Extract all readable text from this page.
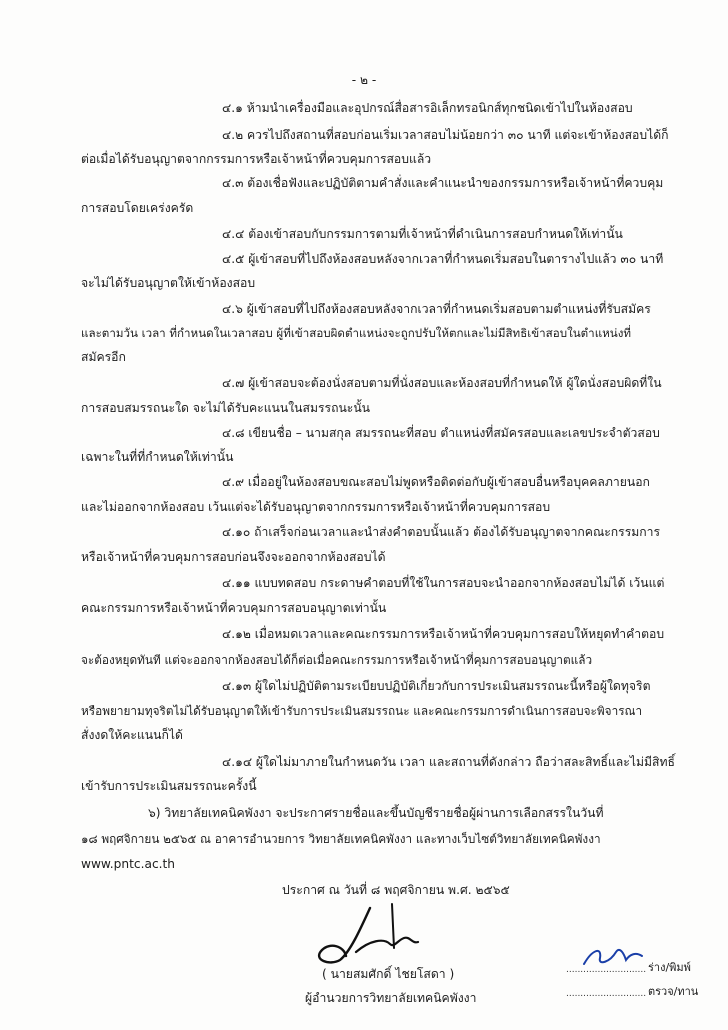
- ๒ -
๔.๑ ห้ามนำเครื่องมือและอุปกรณ์สื่อสารอิเล็กทรอนิกส์ทุกชนิดเข้าไปในห้องสอบ
๔.๒ ควรไปถึงสถานที่สอบก่อนเริ่มเวลาสอบไม่น้อยกว่า ๓๐ นาที แต่จะเข้าห้องสอบได้ก็
ต่อเมื่อได้รับอนุญาตจากกรรมการหรือเจ้าหน้าที่ควบคุมการสอบแล้ว
๔.๓ ต้องเชื่อฟังและปฏิบัติตามคำสั่งและคำแนะนำของกรรมการหรือเจ้าหน้าที่ควบคุม
การสอบโดยเคร่งครัด
๔.๔ ต้องเข้าสอบกับกรรมการตามที่เจ้าหน้าที่ดำเนินการสอบกำหนดให้เท่านั้น
๔.๕ ผู้เข้าสอบที่ไปถึงห้องสอบหลังจากเวลาที่กำหนดเริ่มสอบในตารางไปแล้ว ๓๐ นาที
จะไม่ได้รับอนุญาตให้เข้าห้องสอบ
๔.๖ ผู้เข้าสอบที่ไปถึงห้องสอบหลังจากเวลาที่กำหนดเริ่มสอบตามตำแหน่งที่รับสมัคร
และตามวัน เวลา ที่กำหนดในเวลาสอบ ผู้ที่เข้าสอบผิดตำแหน่งจะถูกปรับให้ตกและไม่มีสิทธิเข้าสอบในตำแหน่งที่
สมัครอีก
๔.๗ ผู้เข้าสอบจะต้องนั่งสอบตามที่นั่งสอบและห้องสอบที่กำหนดให้ ผู้ใดนั่งสอบผิดที่ใน
การสอบสมรรถนะใด จะไม่ได้รับคะแนนในสมรรถนะนั้น
๔.๘ เขียนชื่อ – นามสกุล สมรรถนะที่สอบ ตำแหน่งที่สมัครสอบและเลขประจำตัวสอบ
เฉพาะในที่ที่กำหนดให้เท่านั้น
๔.๙ เมื่ออยู่ในห้องสอบขณะสอบไม่พูดหรือติดต่อกับผู้เข้าสอบอื่นหรือบุคคลภายนอก
และไม่ออกจากห้องสอบ เว้นแต่จะได้รับอนุญาตจากกรรมการหรือเจ้าหน้าที่ควบคุมการสอบ
๔.๑๐ ถ้าเสร็จก่อนเวลาและนำส่งคำตอบนั้นแล้ว ต้องได้รับอนุญาตจากคณะกรรมการ
หรือเจ้าหน้าที่ควบคุมการสอบก่อนจึงจะออกจากห้องสอบได้
๔.๑๑ แบบทดสอบ กระดาษคำตอบที่ใช้ในการสอบจะนำออกจากห้องสอบไม่ได้ เว้นแต่
คณะกรรมการหรือเจ้าหน้าที่ควบคุมการสอบอนุญาตเท่านั้น
๔.๑๒ เมื่อหมดเวลาและคณะกรรมการหรือเจ้าหน้าที่ควบคุมการสอบให้หยุดทำคำตอบ
จะต้องหยุดทันที แต่จะออกจากห้องสอบได้ก็ต่อเมื่อคณะกรรมการหรือเจ้าหน้าที่คุมการสอบอนุญาตแล้ว
๔.๑๓ ผู้ใดไม่ปฏิบัติตามระเบียบปฏิบัติเกี่ยวกับการประเมินสมรรถนะนี้หรือผู้ใดทุจริต
หรือพยายามทุจริตไม่ได้รับอนุญาตให้เข้ารับการประเมินสมรรถนะ และคณะกรรมการดำเนินการสอบจะพิจารณา
สั่งงดให้คะแนนก็ได้
๔.๑๔ ผู้ใดไม่มาภายในกำหนดวัน เวลา และสถานที่ดังกล่าว ถือว่าสละสิทธิ์และไม่มีสิทธิ์
เข้ารับการประเมินสมรรถนะครั้งนี้
๖) วิทยาลัยเทคนิคพังงา จะประกาศรายชื่อและขึ้นบัญชีรายชื่อผู้ผ่านการเลือกสรรในวันที่
๑๘ พฤศจิกายน ๒๕๖๕ ณ อาคารอำนวยการ วิทยาลัยเทคนิคพังงา และทางเว็บไซต์วิทยาลัยเทคนิคพังงา
www.pntc.ac.th
ประกาศ ณ วันที่ ๘ พฤศจิกายน พ.ศ. ๒๕๖๕
( นายสมศักดิ์ ไชยโสดา )
ผู้อำนวยการวิทยาลัยเทคนิคพังงา
............................ ร่าง/พิมพ์
............................ ตรวจ/ทาน
